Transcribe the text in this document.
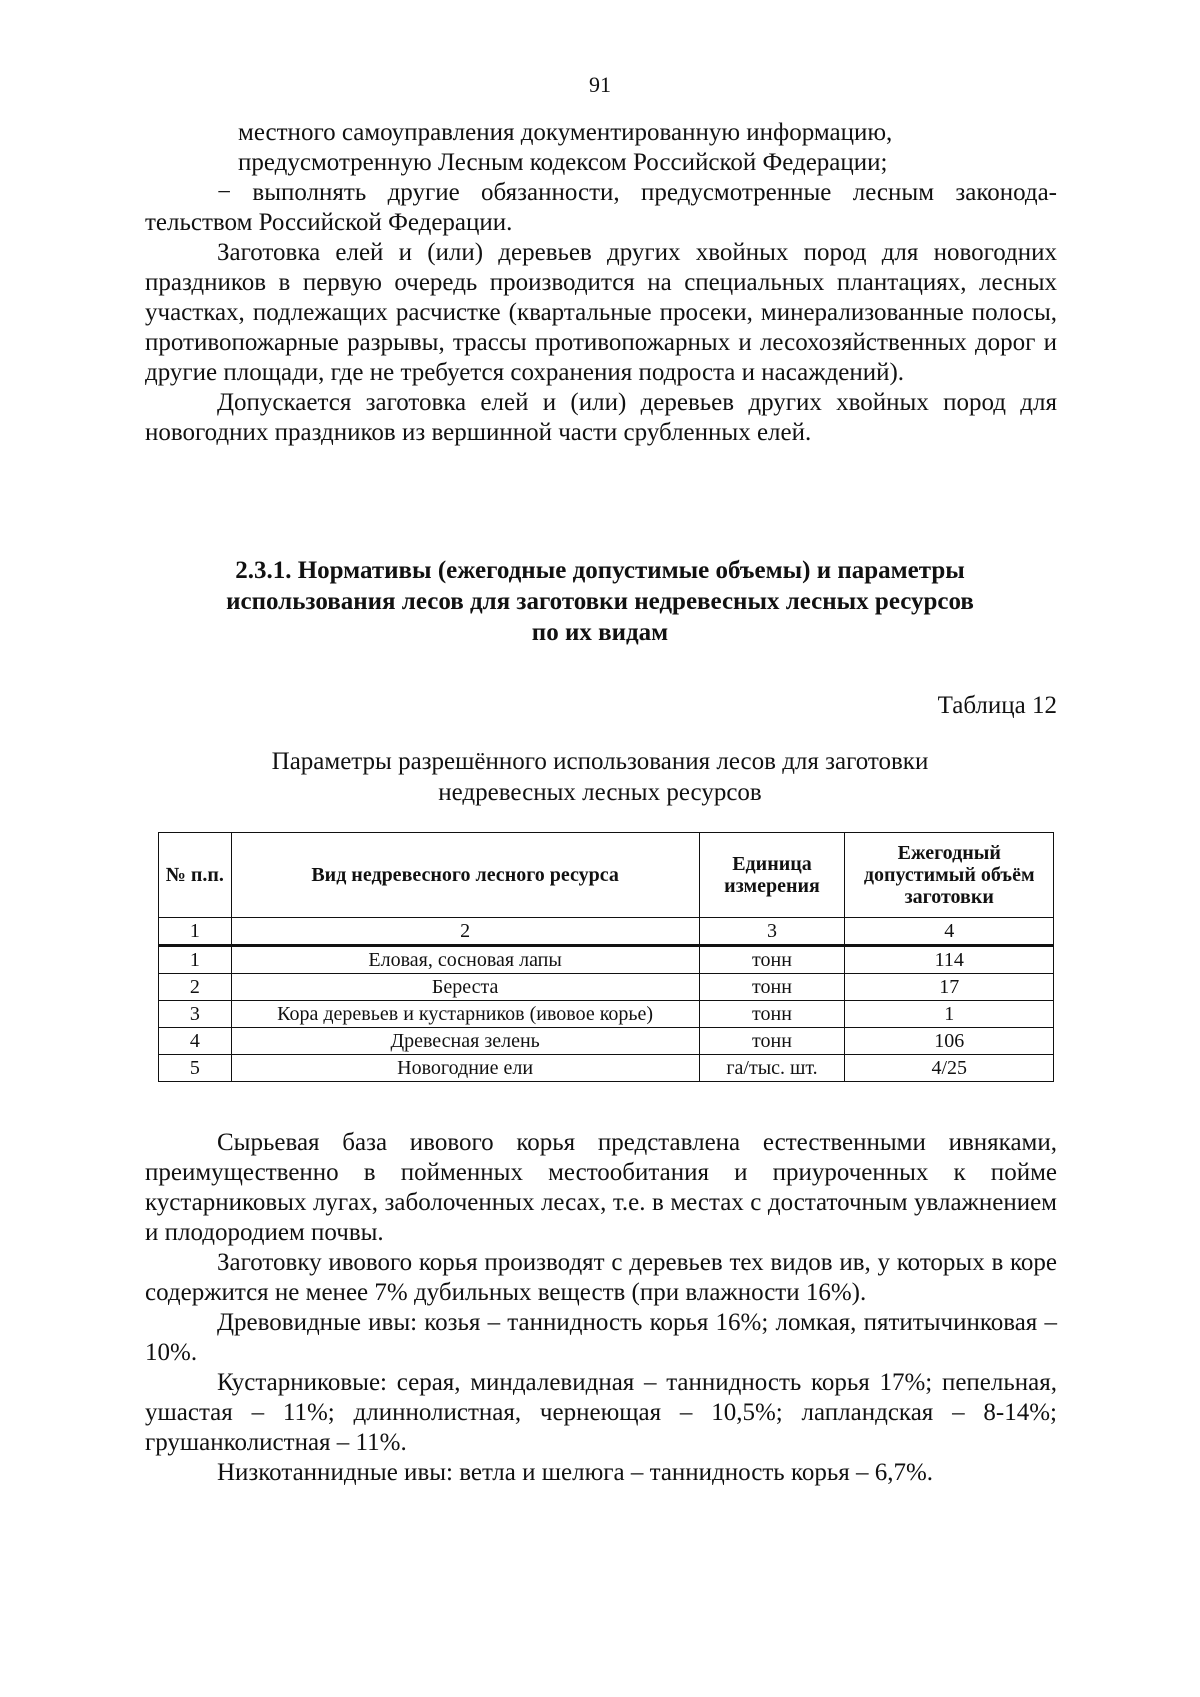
91

местного самоуправления документированную информацию,

предусмотренную Лесным кодексом Российской Федерации;

− выполнять другие обязанности, предусмотренные лесным законода-тельством Российской Федерации.

Заготовка елей и (или) деревьев других хвойных пород для новогодних праздников в первую очередь производится на специальных плантациях, лесных участках, подлежащих расчистке (квартальные просеки, минерализованные полосы, противопожарные разрывы, трассы противопожарных и лесохозяйственных дорог и другие площади, где не требуется сохранения подроста и насаждений).

Допускается заготовка елей и (или) деревьев других хвойных пород для новогодних праздников из вершинной части срубленных елей.

2.3.1. Нормативы (ежегодные допустимые объемы) и параметры
использования лесов для заготовки недревесных лесных ресурсов
по их видам
Таблица 12
Параметры разрешённого использования лесов для заготовки
недревесных лесных ресурсов
№ п.п.	Вид недревесного лесного ресурса	Единица измерения	Ежегодный допустимый объём заготовки
1	2	3	4
1	Еловая, сосновая лапы	тонн	114
2	Береста	тонн	17
3	Кора деревьев и кустарников (ивовое корье)	тонн	1
4	Древесная зелень	тонн	106
5	Новогодние ели	га/тыс. шт.	4/25

Сырьевая база ивового корья представлена естественными ивняками, преимущественно в пойменных местообитания и приуроченных к пойме кустарниковых лугах, заболоченных лесах, т.е. в местах с достаточным увлажнением и плодородием почвы.

Заготовку ивового корья производят с деревьев тех видов ив, у которых в коре содержится не менее 7% дубильных веществ (при влажности 16%).

Древовидные ивы: козья – таннидность корья 16%; ломкая, пятитычинковая – 10%.

Кустарниковые: серая, миндалевидная – таннидность корья 17%; пепельная, ушастая – 11%; длиннолистная, чернеющая – 10,5%; лапландская – 8-14%; грушанколистная – 11%.

Низкотаннидные ивы: ветла и шелюга – таннидность корья – 6,7%.
